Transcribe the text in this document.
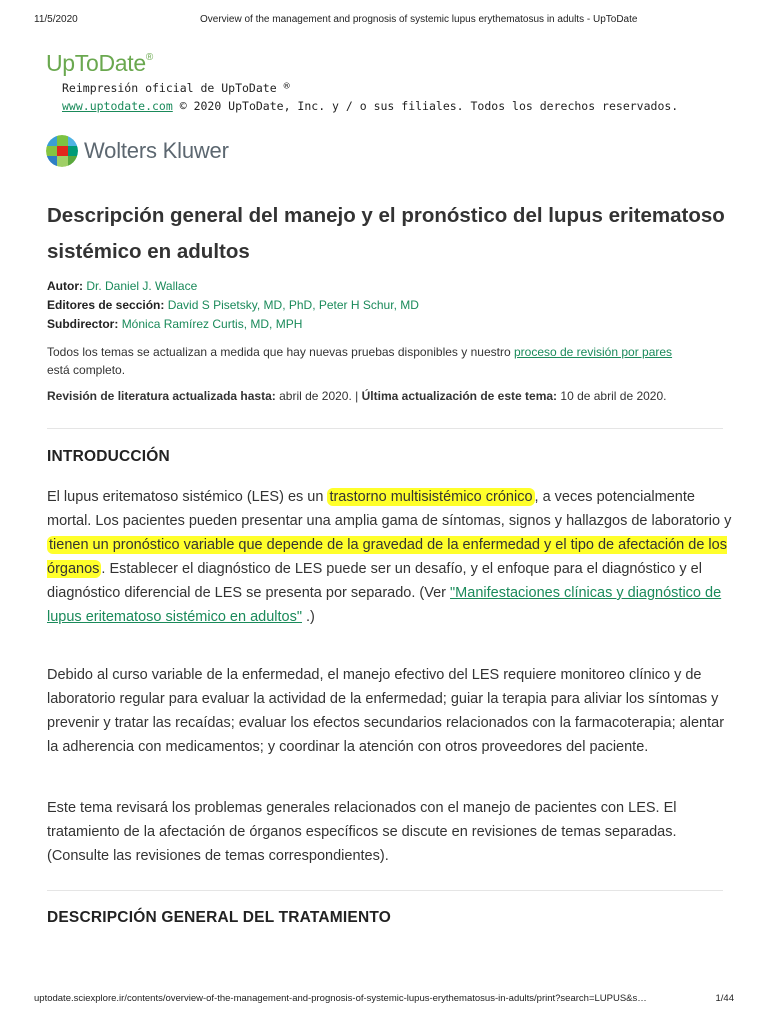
11/5/2020	Overview of the management and prognosis of systemic lupus erythematosus in adults - UpToDate
UpToDate®
Reimpresión oficial de UpToDate ®
www.uptodate.com © 2020 UpToDate, Inc. y / o sus filiales. Todos los derechos reservados.
Wolters Kluwer
Descripción general del manejo y el pronóstico del lupus eritematoso sistémico en adultos
Autor: Dr. Daniel J. Wallace
Editores de sección: David S Pisetsky, MD, PhD, Peter H Schur, MD
Subdirector: Mónica Ramírez Curtis, MD, MPH
Todos los temas se actualizan a medida que hay nuevas pruebas disponibles y nuestro proceso de revisión por pares
está completo.
Revisión de literatura actualizada hasta: abril de 2020. | Última actualización de este tema: 10 de abril de 2020.
INTRODUCCIÓN

El lupus eritematoso sistémico (LES) es un trastorno multisistémico crónico , a veces potencialmente mortal. Los pacientes pueden presentar una amplia gama de síntomas, signos y hallazgos de laboratorio y tienen un pronóstico variable que depende de la gravedad de la enfermedad y el tipo de afectación de los órganos . Establecer el diagnóstico de LES puede ser un desafío, y el enfoque para el diagnóstico y el diagnóstico diferencial de LES se presenta por separado. (Ver "Manifestaciones clínicas y diagnóstico de lupus eritematoso sistémico en adultos" .)

Debido al curso variable de la enfermedad, el manejo efectivo del LES requiere monitoreo clínico y de laboratorio regular para evaluar la actividad de la enfermedad; guiar la terapia para aliviar los síntomas y prevenir y tratar las recaídas; evaluar los efectos secundarios relacionados con la farmacoterapia; alentar la adherencia con medicamentos; y coordinar la atención con otros proveedores del paciente.

Este tema revisará los problemas generales relacionados con el manejo de pacientes con LES. El tratamiento de la afectación de órganos específicos se discute en revisiones de temas separadas. (Consulte las revisiones de temas correspondientes).

DESCRIPCIÓN GENERAL DEL TRATAMIENTO
uptodate.sciexplore.ir/contents/overview-of-the-management-and-prognosis-of-systemic-lupus-erythematosus-in-adults/print?search=LUPUS&s…	1/44
